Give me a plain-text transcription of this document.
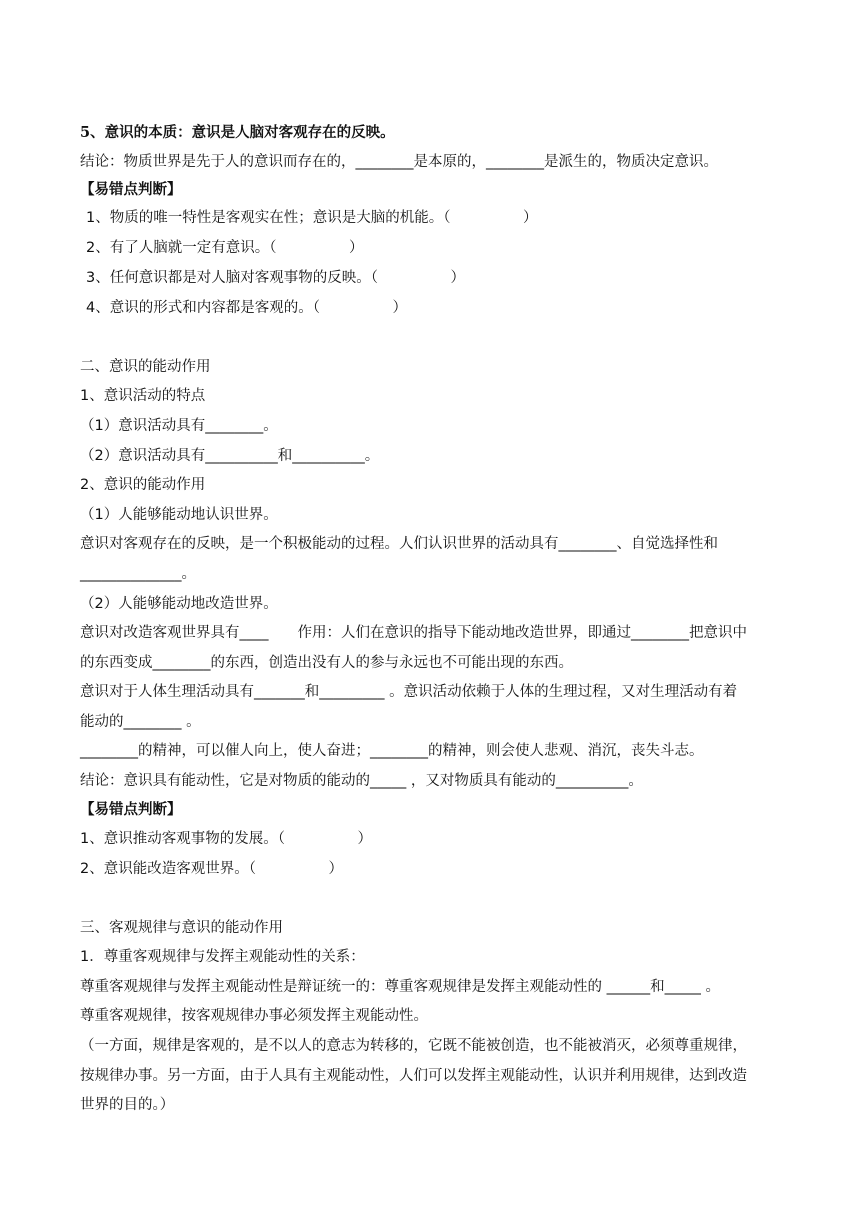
5、意识的本质：意识是人脑对客观存在的反映。
结论：物质世界是先于人的意识而存在的，________是本原的，________是派生的，物质决定意识。
【易错点判断】
1、物质的唯一特性是客观实在性；意识是大脑的机能。（　　　　　）
2、有了人脑就一定有意识。（　　　　　）
3、任何意识都是对人脑对客观事物的反映。（　　　　　）
4、意识的形式和内容都是客观的。（　　　　　）
二、意识的能动作用
1、意识活动的特点
（1）意识活动具有________。
（2）意识活动具有__________和__________。
2、意识的能动作用
（1）人能够能动地认识世界。
意识对客观存在的反映，是一个积极能动的过程。人们认识世界的活动具有________、自觉选择性和
______________。
（2）人能够能动地改造世界。
意识对改造客观世界具有____　　作用：人们在意识的指导下能动地改造世界，即通过________把意识中
的东西变成________的东西，创造出没有人的参与永远也不可能出现的东西。
意识对于人体生理活动具有_______和_________ 。意识活动依赖于人体的生理过程，又对生理活动有着
能动的________ 。
________的精神，可以催人向上，使人奋进；________的精神，则会使人悲观、消沉，丧失斗志。
结论：意识具有能动性，它是对物质的能动的_____ ，又对物质具有能动的__________。
【易错点判断】
1、意识推动客观事物的发展。（　　　　　）
2、意识能改造客观世界。（　　　　　）
三、客观规律与意识的能动作用
1．尊重客观规律与发挥主观能动性的关系：
尊重客观规律与发挥主观能动性是辩证统一的：尊重客观规律是发挥主观能动性的 ______和_____ 。
尊重客观规律，按客观规律办事必须发挥主观能动性。
（一方面，规律是客观的，是不以人的意志为转移的，它既不能被创造，也不能被消灭，必须尊重规律，
按规律办事。另一方面，由于人具有主观能动性，人们可以发挥主观能动性，认识并利用规律，达到改造
世界的目的。）
